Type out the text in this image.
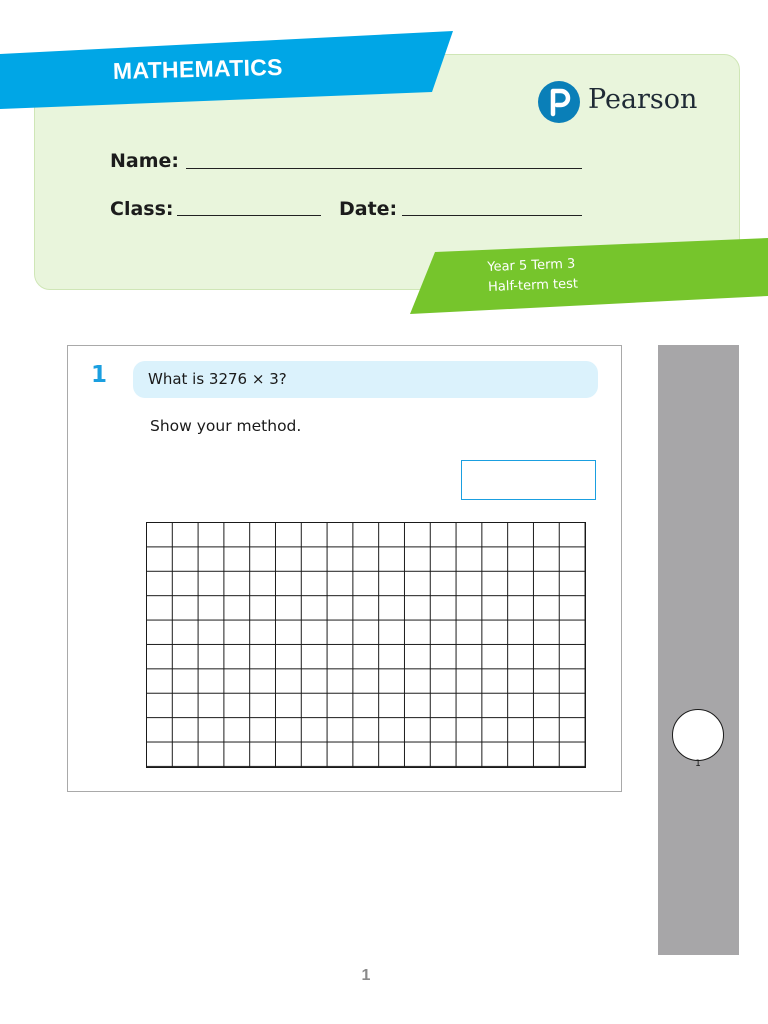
MATHEMATICS
Pearson
Name:
Class:	Date:
Year 5 Term 3
Half-term test
1	What is 3276 × 3?
Show your method.
1
1
